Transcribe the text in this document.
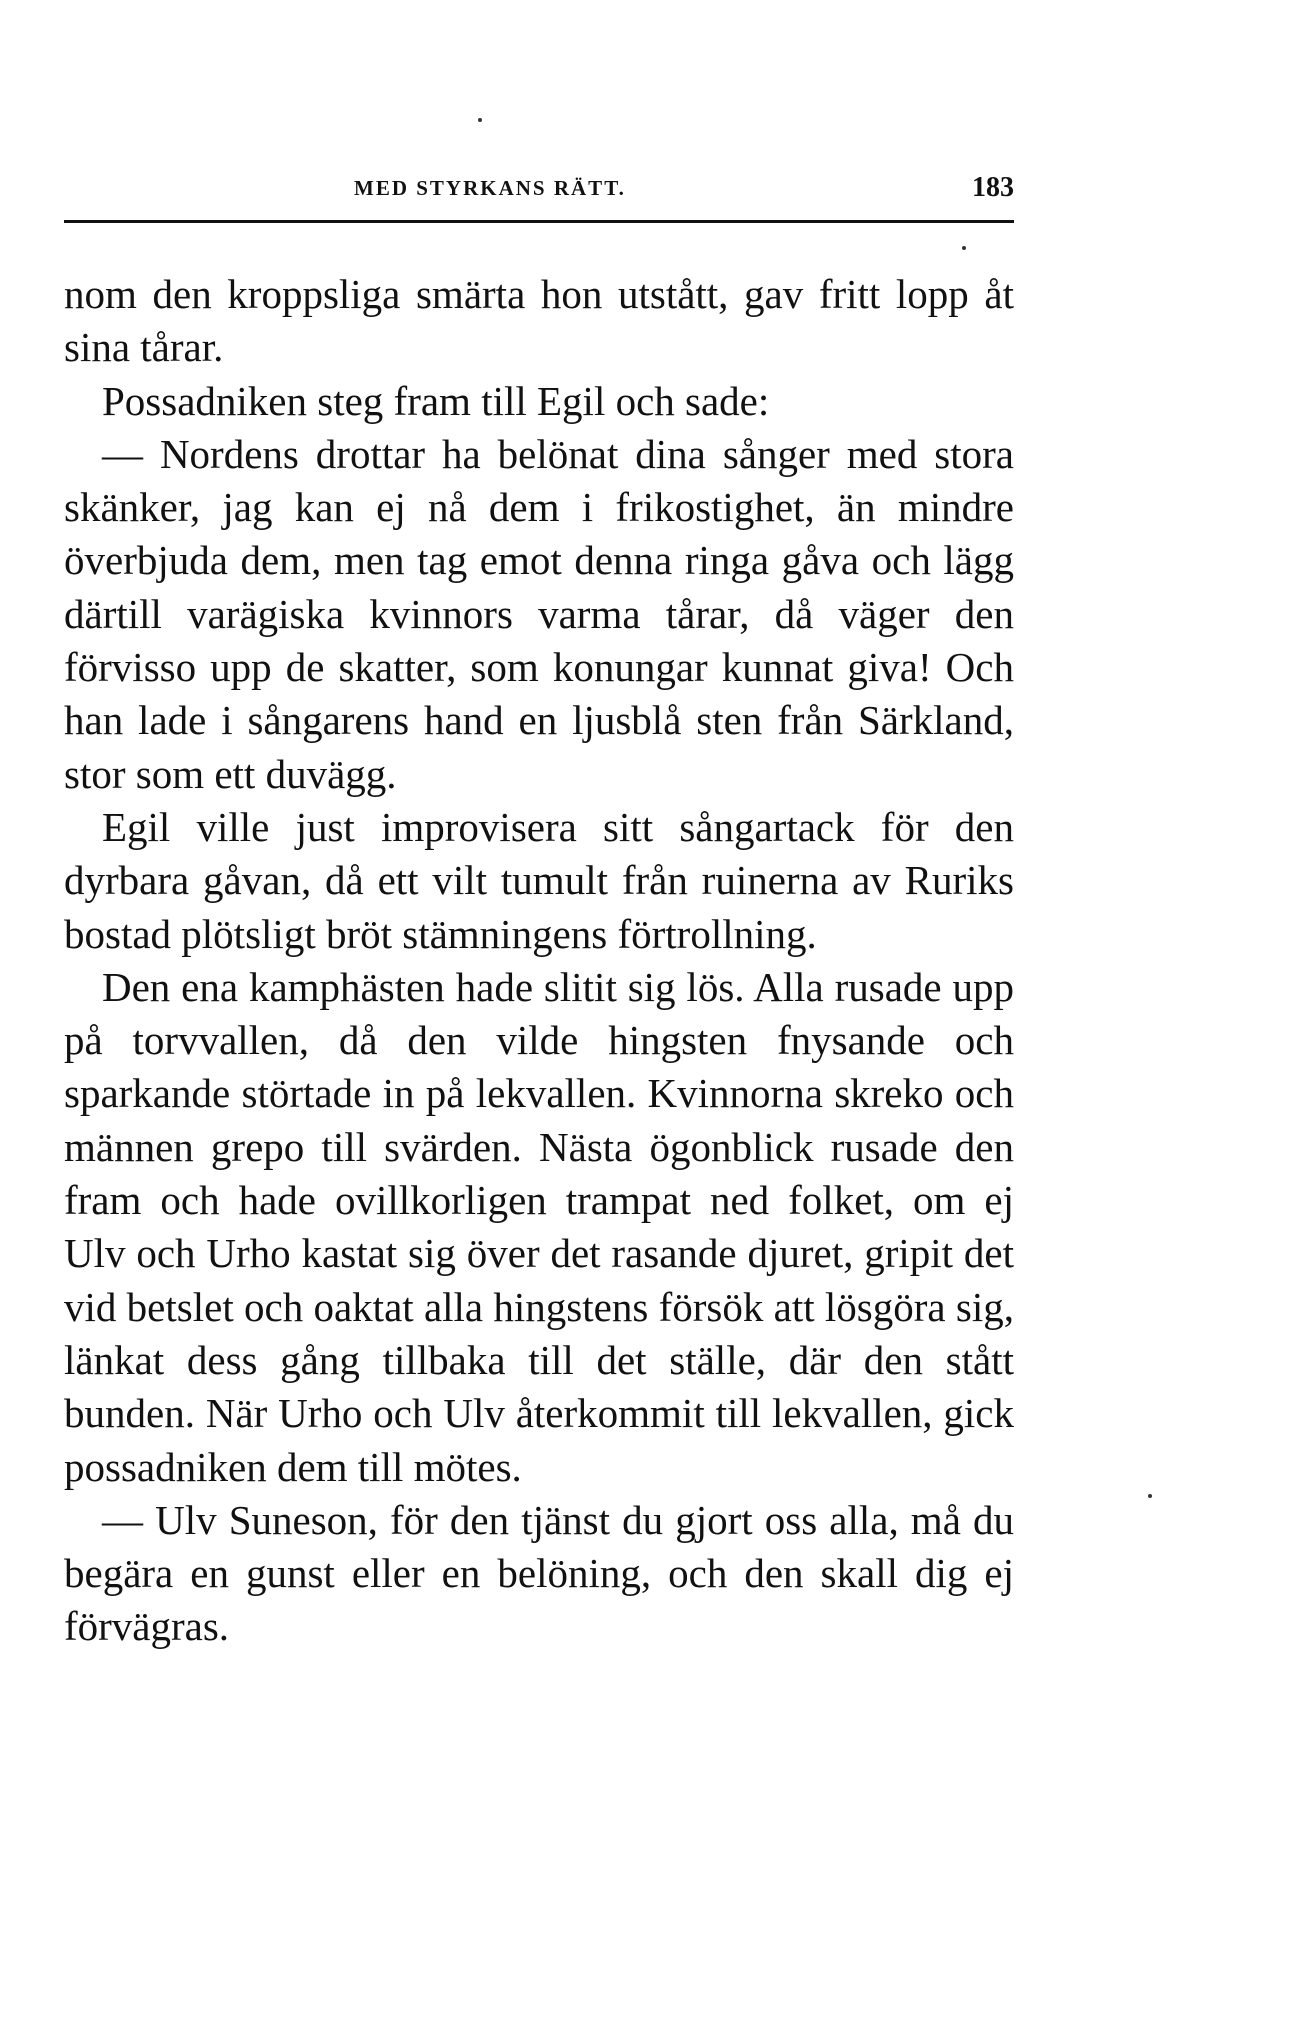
MED STYRKANS RÄTT.	183

nom den kroppsliga smärta hon utstått, gav fritt lopp åt sina tårar.

Possadniken steg fram till Egil och sade:

— Nordens drottar ha belönat dina sånger med stora skänker, jag kan ej nå dem i frikostighet, än mindre överbjuda dem, men tag emot denna ringa gåva och lägg därtill varägiska kvinnors varma tårar, då väger den förvisso upp de skatter, som konungar kunnat giva! Och han lade i sångarens hand en ljusblå sten från Särkland, stor som ett duvägg.

Egil ville just improvisera sitt sångartack för den dyrbara gåvan, då ett vilt tumult från ruinerna av Ruriks bostad plötsligt bröt stämningens förtrollning.

Den ena kamphästen hade slitit sig lös. Alla rusade upp på torvvallen, då den vilde hingsten fnysande och sparkande störtade in på lekvallen. Kvinnorna skreko och männen grepo till svärden. Nästa ögonblick rusade den fram och hade ovillkorligen trampat ned folket, om ej Ulv och Urho kastat sig över det rasande djuret, gripit det vid betslet och oaktat alla hingstens försök att lösgöra sig, länkat dess gång tillbaka till det ställe, där den stått bunden. När Urho och Ulv återkommit till lekvallen, gick possadniken dem till mötes.

— Ulv Suneson, för den tjänst du gjort oss alla, må du begära en gunst eller en belöning, och den skall dig ej förvägras.
